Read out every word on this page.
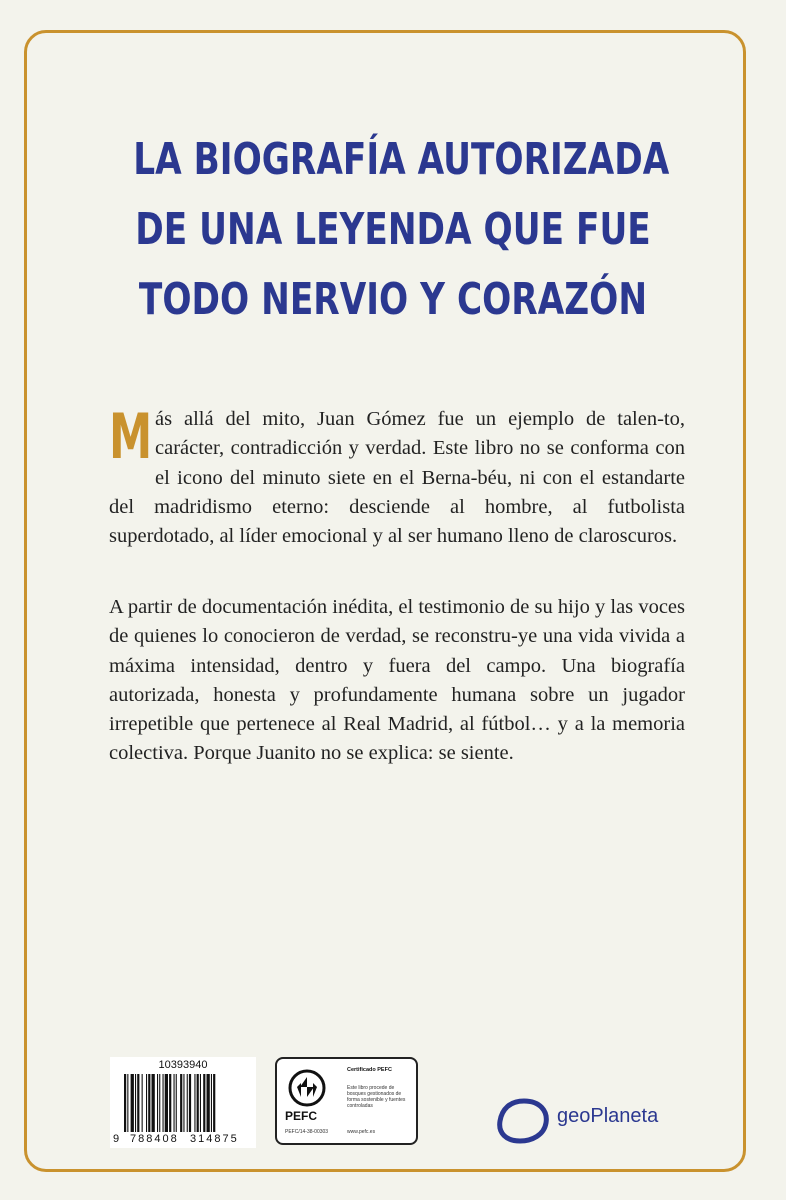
LA BIOGRAFÍA AUTORIZADA
DE UNA LEYENDA QUE FUE
TODO NERVIO Y CORAZÓN
Más allá del mito, Juan Gómez fue un ejemplo de talen-to, carácter, contradicción y verdad. Este libro no se conforma con el icono del minuto siete en el Berna-béu, ni con el estandarte del madridismo eterno: desciende al hombre, al futbolista superdotado, al líder emocional y al ser humano lleno de claroscuros.
A partir de documentación inédita, el testimonio de su hijo y las voces de quienes lo conocieron de verdad, se reconstru-ye una vida vivida a máxima intensidad, dentro y fuera del campo. Una biografía autorizada, honesta y profundamente humana sobre un jugador irrepetible que pertenece al Real Madrid, al fútbol… y a la memoria colectiva. Porque Juanito no se explica: se siente.
10393940
9 788408 314875
PEFC
PEFC/14-38-00303
Certificado PEFC
Este libro procede de bosques gestionados de forma sostenible y fuentes controladas
www.pefc.es
geoPlaneta
